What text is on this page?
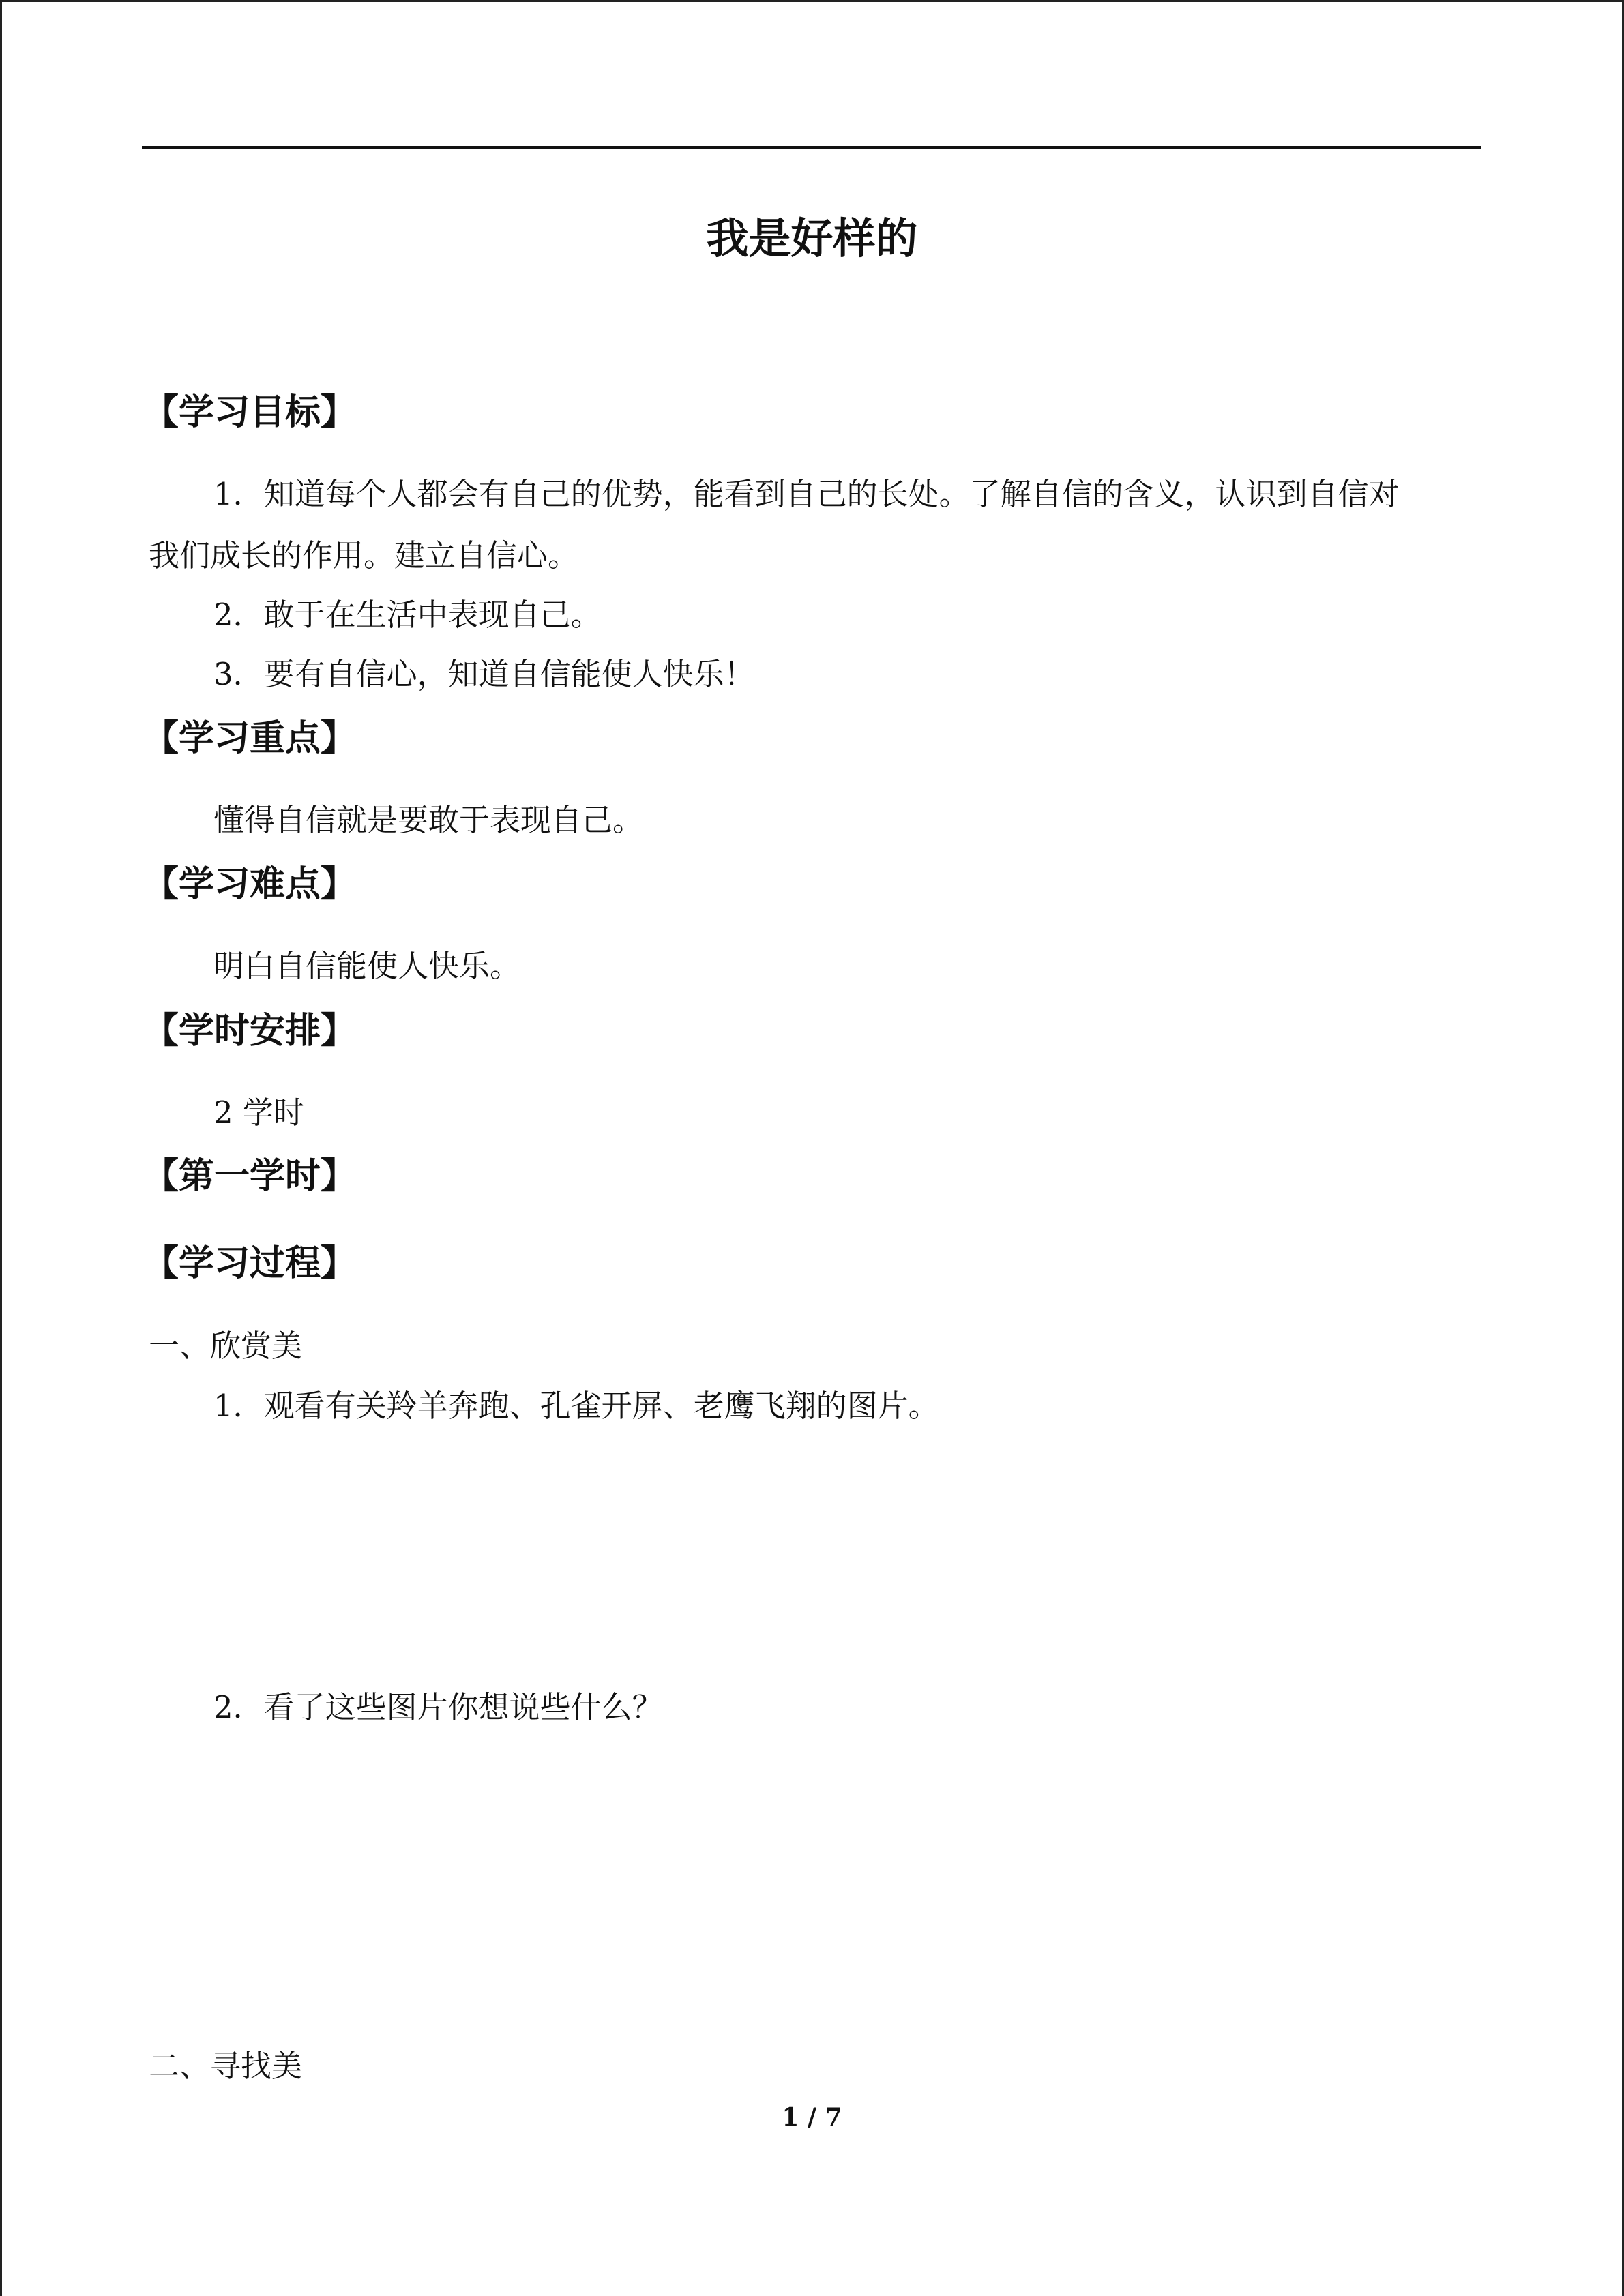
我是好样的
【学习目标】
1．知道每个人都会有自己的优势，能看到自己的长处。了解自信的含义，认识到自信对
我们成长的作用。建立自信心。
2．敢于在生活中表现自己。
3．要有自信心，知道自信能使人快乐！
【学习重点】
懂得自信就是要敢于表现自己。
【学习难点】
明白自信能使人快乐。
【学时安排】
2 学时
【第一学时】
【学习过程】
一、欣赏美
1．观看有关羚羊奔跑、孔雀开屏、老鹰飞翔的图片。
2．看了这些图片你想说些什么？
二、寻找美
1 / 7
